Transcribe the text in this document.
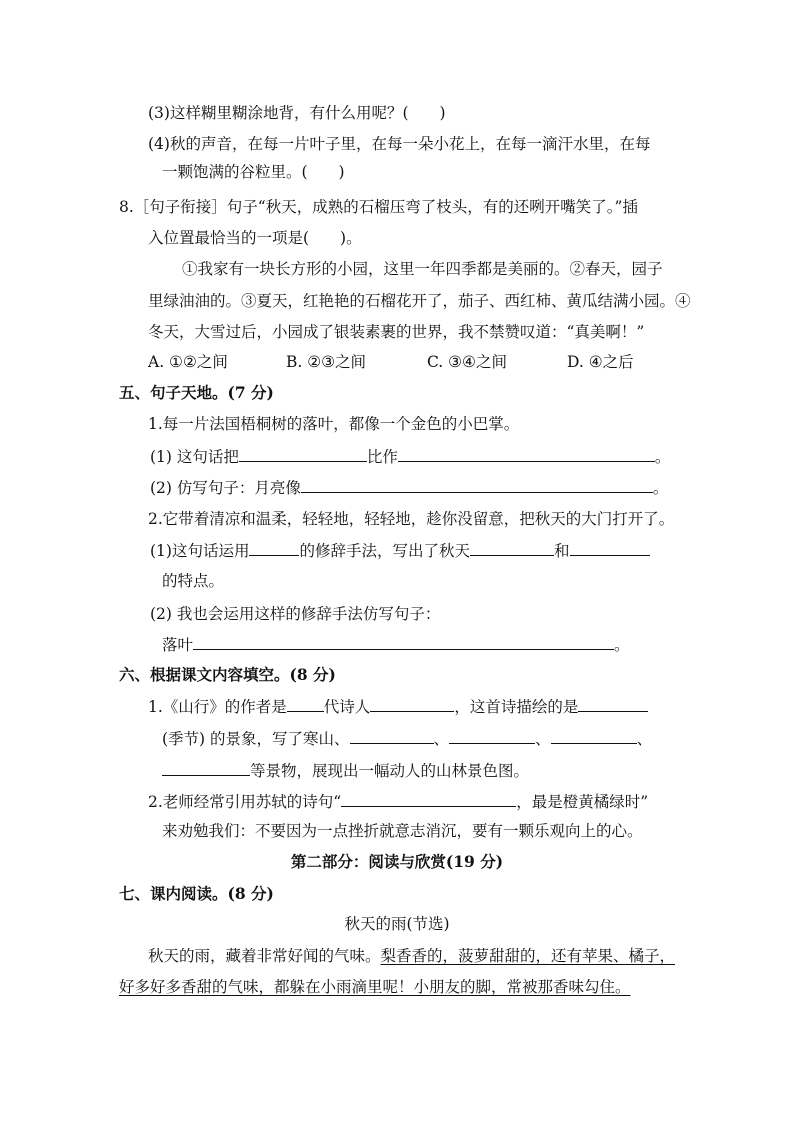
(3)这样糊里糊涂地背，有什么用呢？(　　)
(4)秋的声音，在每一片叶子里，在每一朵小花上，在每一滴汗水里，在每
一颗饱满的谷粒里。(　　)
8.［句子衔接］句子“秋天，成熟的石榴压弯了枝头，有的还咧开嘴笑了。”插
入位置最恰当的一项是(　　)。
①我家有一块长方形的小园，这里一年四季都是美丽的。②春天，园子
里绿油油的。③夏天，红艳艳的石榴花开了，茄子、西红柿、黄瓜结满小园。④
冬天，大雪过后，小园成了银装素裹的世界，我不禁赞叹道：“真美啊！”
A. ①②之间	B. ②③之间	C. ③④之间	D. ④之后
五、句子天地。(7 分)
1.每一片法国梧桐树的落叶，都像一个金色的小巴掌。
(1) 这句话把	比作	。
(2) 仿写句子：月亮像	。
2.它带着清凉和温柔，轻轻地，轻轻地，趁你没留意，把秋天的大门打开了。
(1)这句话运用	的修辞手法，写出了秋天	和
的特点。
(2) 我也会运用这样的修辞手法仿写句子：
落叶	。
六、根据课文内容填空。(8 分)
1.《山行》的作者是 代诗人	，这首诗描绘的是
(季节) 的景象，写了寒山、	、	、	、
等景物，展现出一幅动人的山林景色图。
2.老师经常引用苏轼的诗句“	，最是橙黄橘绿时”
来劝勉我们：不要因为一点挫折就意志消沉，要有一颗乐观向上的心。
第二部分：阅读与欣赏(19 分)
七、课内阅读。(8 分)
秋天的雨(节选)
秋天的雨，藏着非常好闻的气味。梨香香的，菠萝甜甜的，还有苹果、橘子，
好多好多香甜的气味，都躲在小雨滴里呢！小朋友的脚，常被那香味勾住。
